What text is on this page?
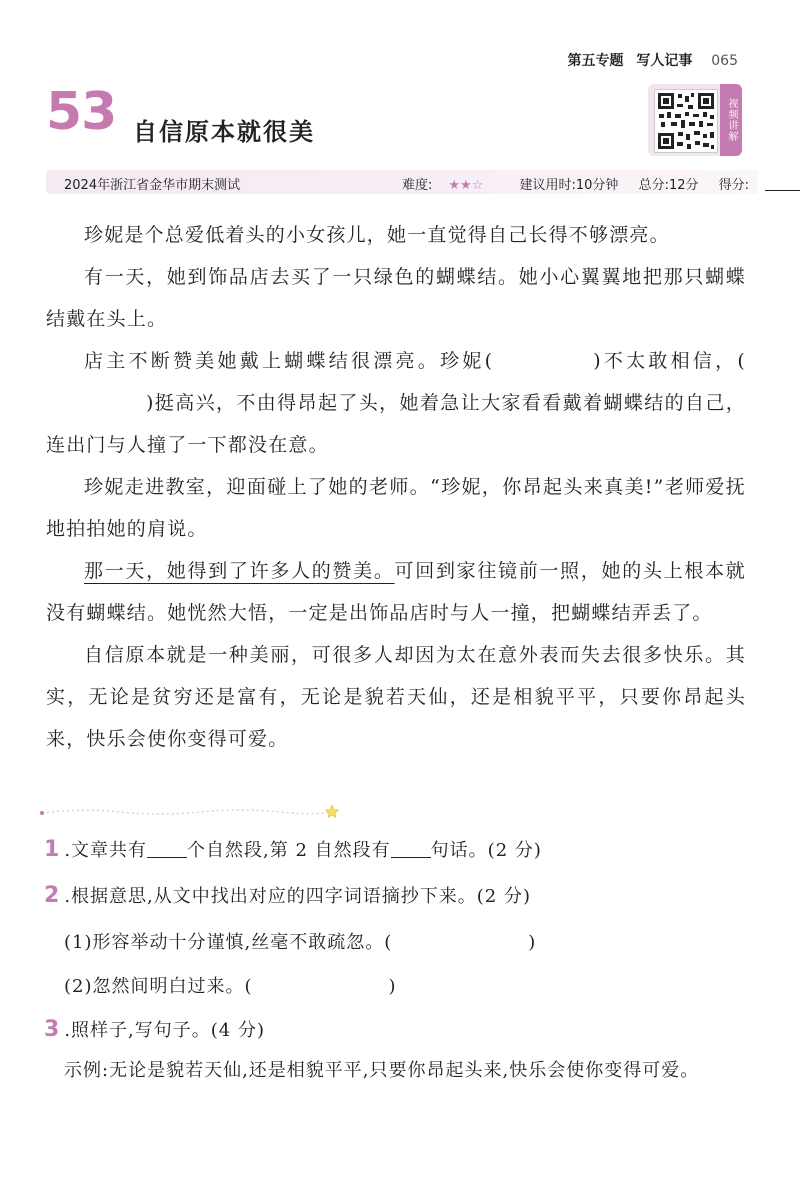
第五专题 写人记事 065
53 自信原本就很美	视频讲解
2024年浙江省金华市期末测试	难度: ★★☆	建议用时:10分钟 总分:12分 得分:

珍妮是个总爱低着头的小女孩儿，她一直觉得自己长得不够漂亮。

有一天，她到饰品店去买了一只绿色的蝴蝶结。她小心翼翼地把那只蝴蝶结戴在头上。

店主不断赞美她戴上蝴蝶结很漂亮。珍妮(	)不太敢相信，()挺高兴，不由得昂起了头，她着急让大家看看戴着蝴蝶结的自己，连出门与人撞了一下都没在意。

珍妮走进教室，迎面碰上了她的老师。“珍妮，你昂起头来真美!”老师爱抚地拍拍她的肩说。

那一天，她得到了许多人的赞美。可回到家往镜前一照，她的头上根本就没有蝴蝶结。她恍然大悟，一定是出饰品店时与人一撞，把蝴蝶结弄丢了。

自信原本就是一种美丽，可很多人却因为太在意外表而失去很多快乐。其实，无论是贫穷还是富有，无论是貌若天仙，还是相貌平平，只要你昂起头来，快乐会使你变得可爱。

1 .文章共有 个自然段,第 2 自然段有 句话。(2 分)
2 .根据意思,从文中找出对应的四字词语摘抄下来。(2 分)
(1)形容举动十分谨慎,丝毫不敢疏忽。(	)
(2)忽然间明白过来。(	)
3 .照样子,写句子。(4 分)
示例:无论是貌若天仙,还是相貌平平,只要你昂起头来,快乐会使你变得可爱。
